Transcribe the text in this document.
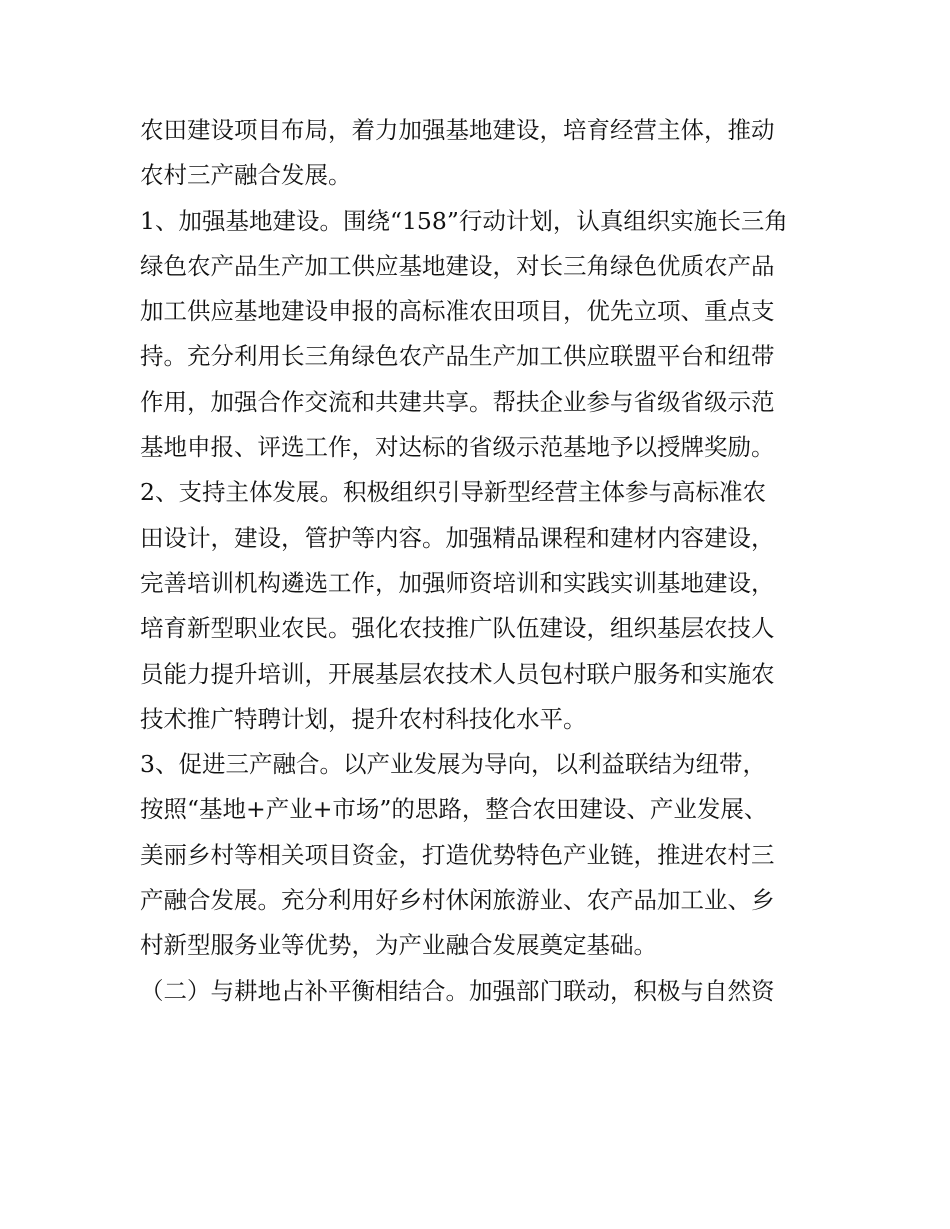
农田建设项目布局，着力加强基地建设，培育经营主体，推动
农村三产融合发展。
1、加强基地建设。围绕“158”行动计划，认真组织实施长三角
绿色农产品生产加工供应基地建设，对长三角绿色优质农产品
加工供应基地建设申报的高标准农田项目，优先立项、重点支
持。充分利用长三角绿色农产品生产加工供应联盟平台和纽带
作用，加强合作交流和共建共享。帮扶企业参与省级省级示范
基地申报、评选工作，对达标的省级示范基地予以授牌奖励。
2、支持主体发展。积极组织引导新型经营主体参与高标准农
田设计，建设，管护等内容。加强精品课程和建材内容建设，
完善培训机构遴选工作，加强师资培训和实践实训基地建设，
培育新型职业农民。强化农技推广队伍建设，组织基层农技人
员能力提升培训，开展基层农技术人员包村联户服务和实施农
技术推广特聘计划，提升农村科技化水平。
3、促进三产融合。以产业发展为导向，以利益联结为纽带，
按照“基地+产业+市场”的思路，整合农田建设、产业发展、
美丽乡村等相关项目资金，打造优势特色产业链，推进农村三
产融合发展。充分利用好乡村休闲旅游业、农产品加工业、乡
村新型服务业等优势，为产业融合发展奠定基础。
（二）与耕地占补平衡相结合。加强部门联动，积极与自然资
